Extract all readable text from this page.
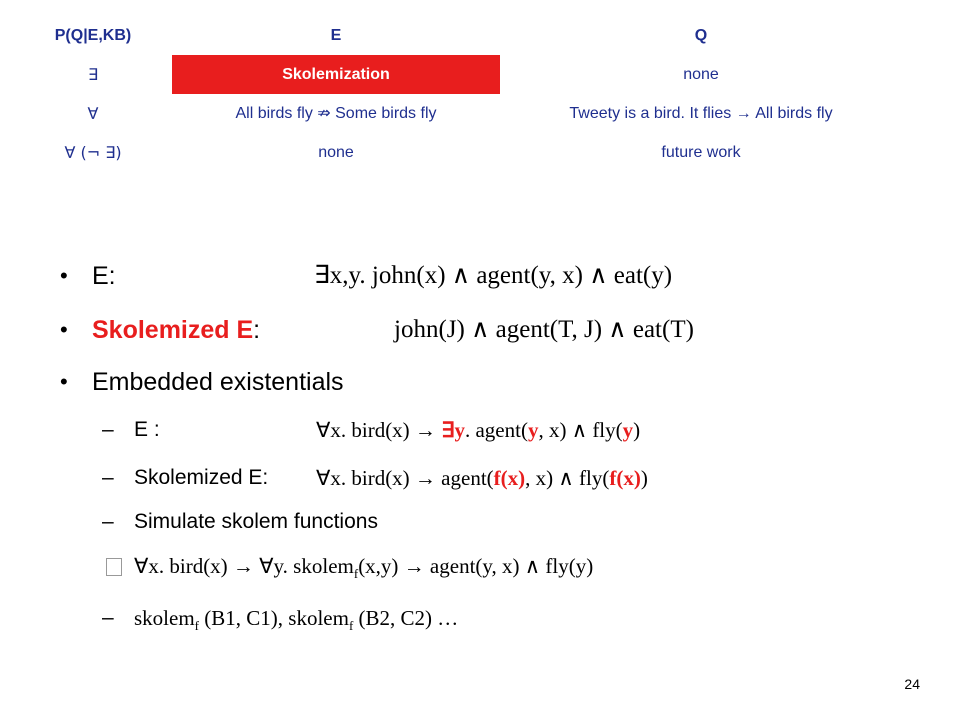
P(Q|E,KB)	E	Q
∃	Skolemization	none
∀	All birds fly ⇏ Some birds fly	Tweety is a bird. It flies → All birds fly
∀ (¬ ∃)	none	future work
• E:	∃x,y. john(x) ∧ agent(y, x) ∧ eat(y)
• Skolemized E:	john(J) ∧ agent(T, J) ∧ eat(T)
• Embedded existentials
– E :	∀x. bird(x) → ∃y. agent(y, x) ∧ fly(y)
– Skolemized E: ∀x. bird(x) → agent(f(x), x) ∧ fly(f(x))
– Simulate skolem functions
∀x. bird(x) → ∀y. skolem$_f$(x,y) → agent(y, x) ∧ fly(y)
– skolem$_f$ (B1, C1), skolem$_f$ (B2, C2) …
24
